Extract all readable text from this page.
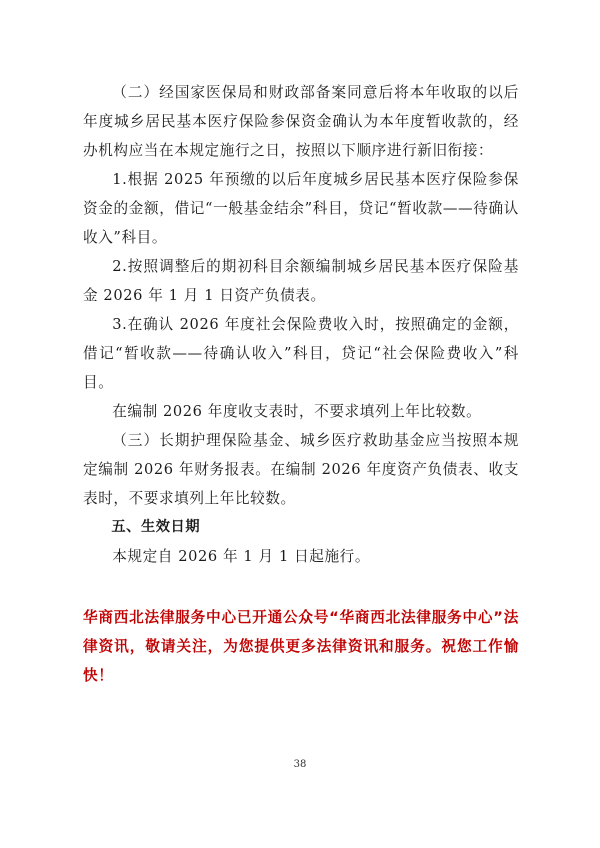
（二）经国家医保局和财政部备案同意后将本年收取的以后年度城乡居民基本医疗保险参保资金确认为本年度暂收款的，经办机构应当在本规定施行之日，按照以下顺序进行新旧衔接：

1.根据 2025 年预缴的以后年度城乡居民基本医疗保险参保资金的金额，借记“一般基金结余”科目，贷记“暂收款——待确认收入”科目。

2.按照调整后的期初科目余额编制城乡居民基本医疗保险基金 2026 年 1 月 1 日资产负债表。

3.在确认 2026 年度社会保险费收入时，按照确定的金额，借记“暂收款——待确认收入”科目，贷记“社会保险费收入”科目。

在编制 2026 年度收支表时，不要求填列上年比较数。

（三）长期护理保险基金、城乡医疗救助基金应当按照本规定编制 2026 年财务报表。在编制 2026 年度资产负债表、收支表时，不要求填列上年比较数。

五、生效日期

本规定自 2026 年 1 月 1 日起施行。

华商西北法律服务中心已开通公众号“华商西北法律服务中心”法律资讯，敬请关注，为您提供更多法律资讯和服务。祝您工作愉快！

38
